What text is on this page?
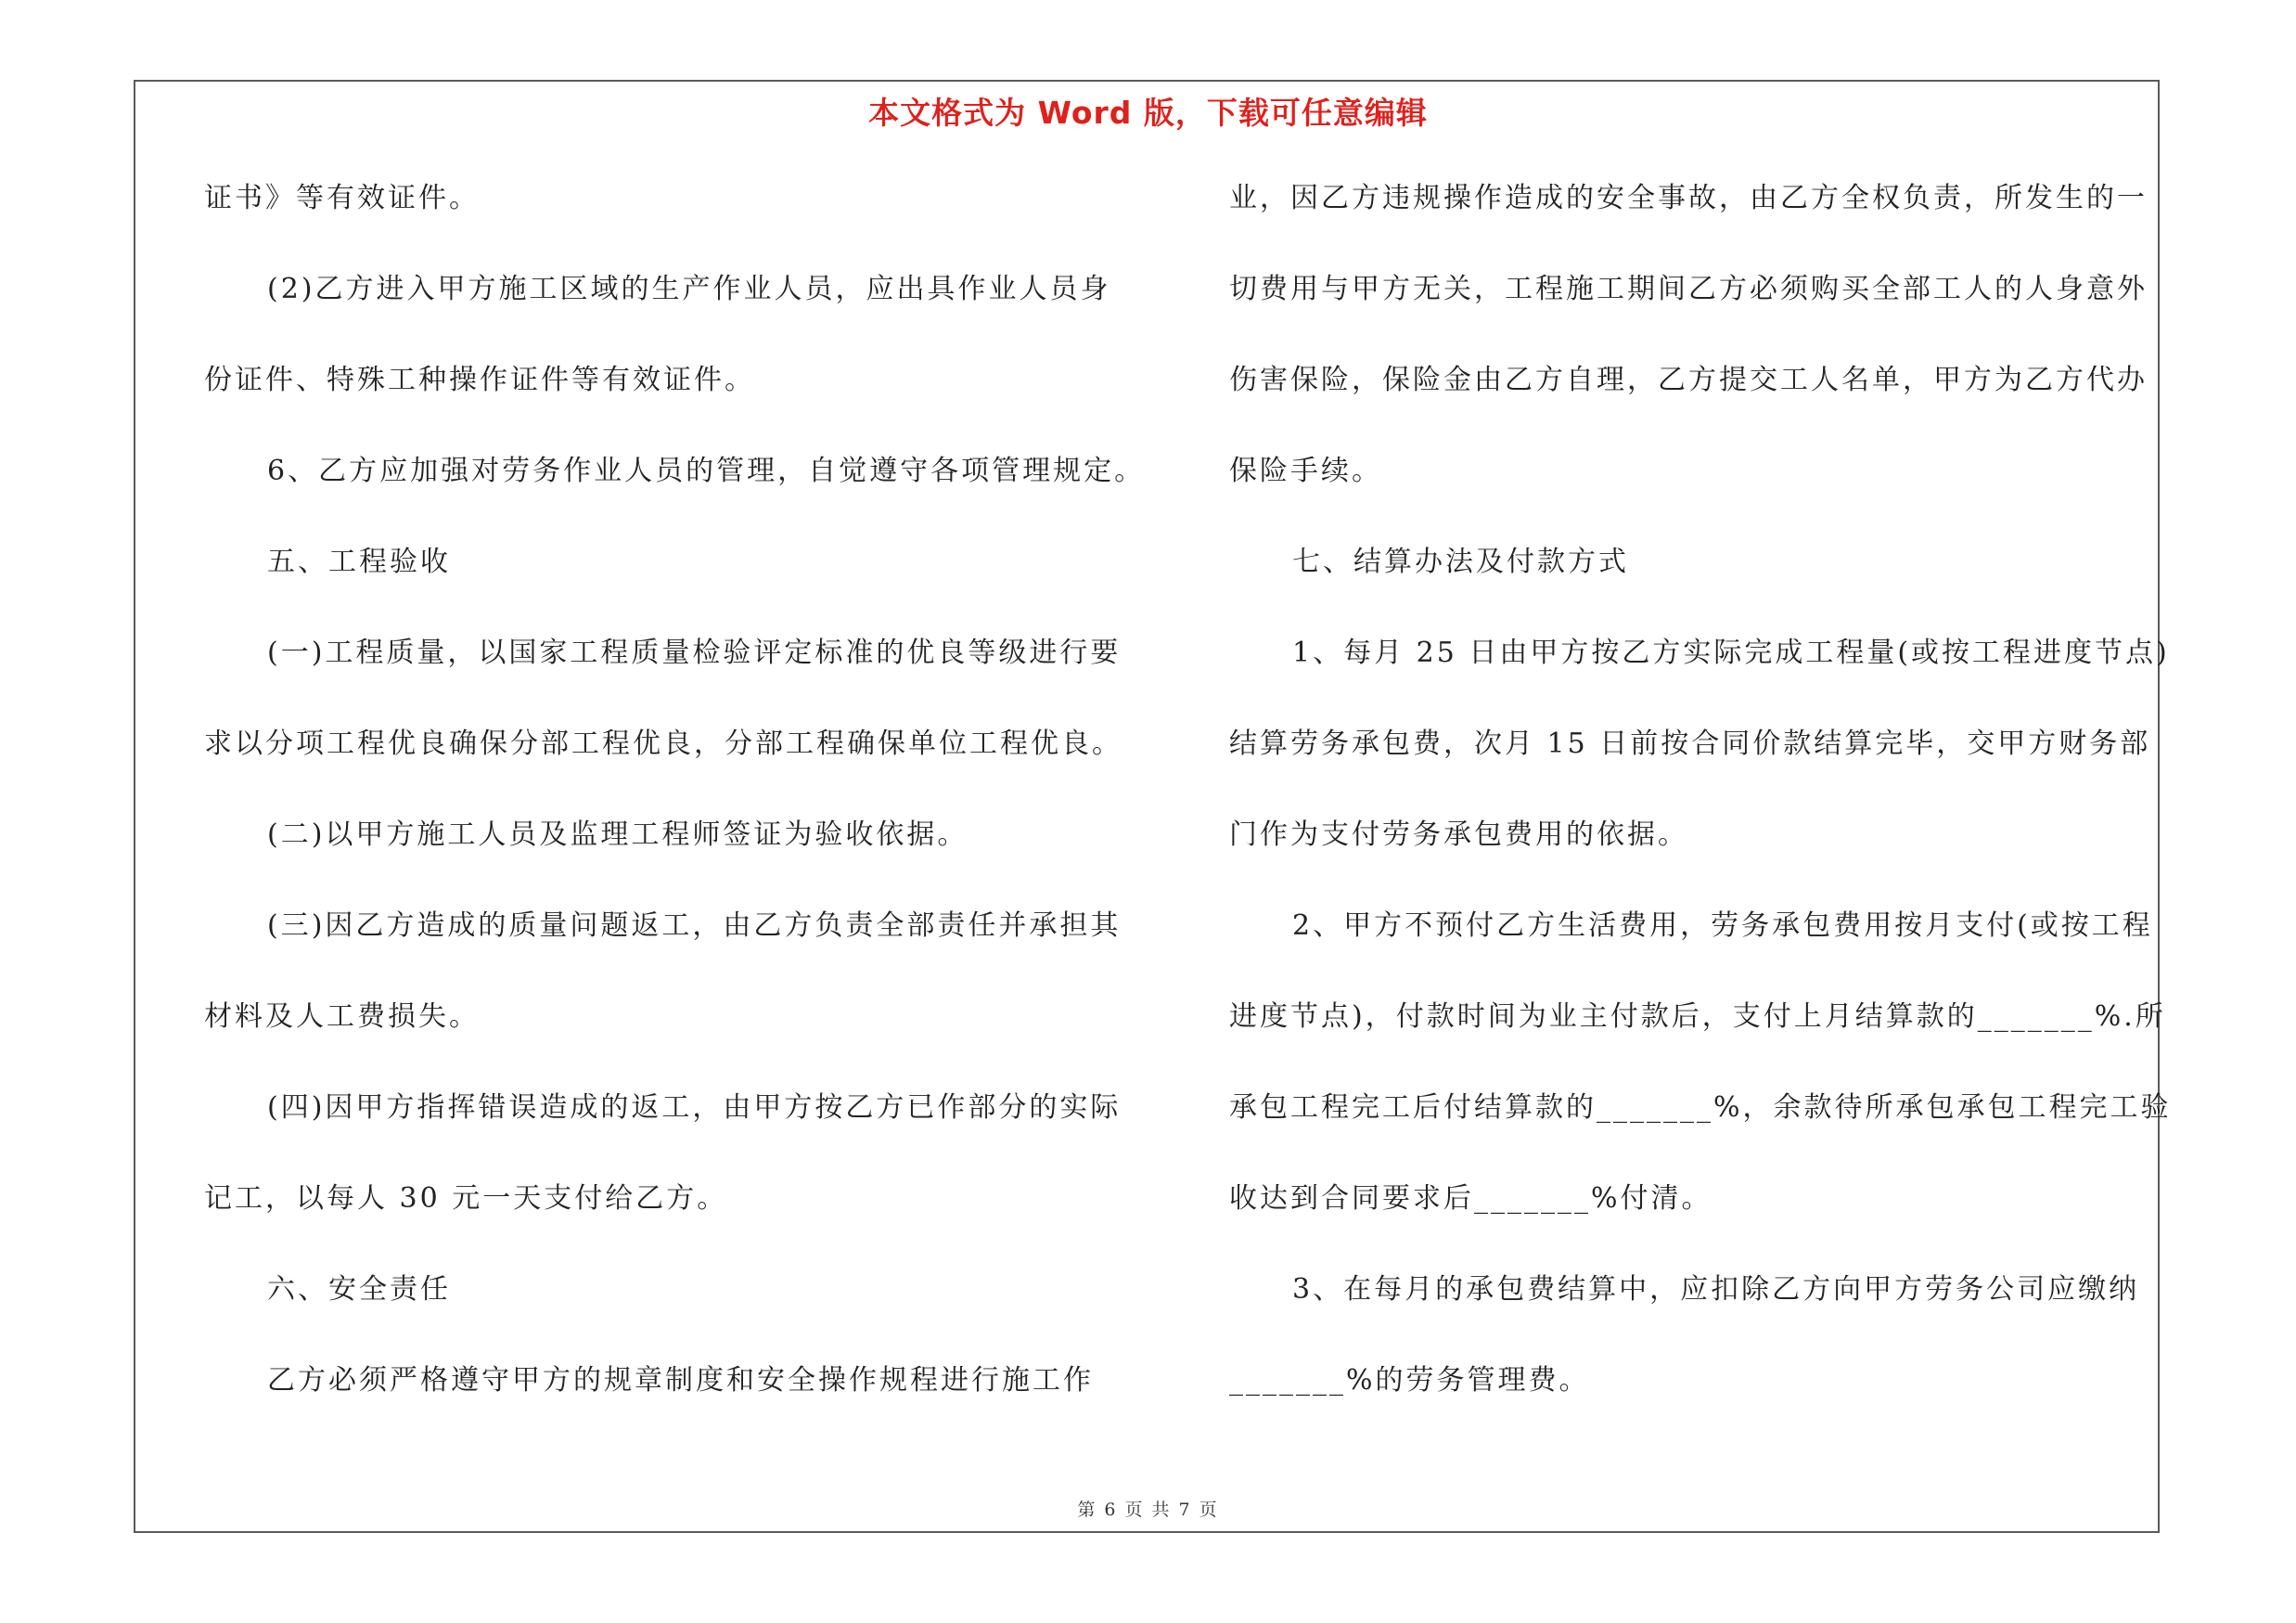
本文格式为 Word 版，下载可任意编辑
证书》等有效证件。
(2)乙方进入甲方施工区域的生产作业人员，应出具作业人员身
份证件、特殊工种操作证件等有效证件。
6、乙方应加强对劳务作业人员的管理，自觉遵守各项管理规定。
五、工程验收
(一)工程质量，以国家工程质量检验评定标准的优良等级进行要
求以分项工程优良确保分部工程优良，分部工程确保单位工程优良。
(二)以甲方施工人员及监理工程师签证为验收依据。
(三)因乙方造成的质量问题返工，由乙方负责全部责任并承担其
材料及人工费损失。
(四)因甲方指挥错误造成的返工，由甲方按乙方已作部分的实际
记工，以每人 30 元一天支付给乙方。
六、安全责任
乙方必须严格遵守甲方的规章制度和安全操作规程进行施工作
业，因乙方违规操作造成的安全事故，由乙方全权负责，所发生的一
切费用与甲方无关，工程施工期间乙方必须购买全部工人的人身意外
伤害保险，保险金由乙方自理，乙方提交工人名单，甲方为乙方代办
保险手续。
七、结算办法及付款方式
1、每月 25 日由甲方按乙方实际完成工程量(或按工程进度节点)
结算劳务承包费，次月 15 日前按合同价款结算完毕，交甲方财务部
门作为支付劳务承包费用的依据。
2、甲方不预付乙方生活费用，劳务承包费用按月支付(或按工程
进度节点)，付款时间为业主付款后，支付上月结算款的_______%.所
承包工程完工后付结算款的_______%，余款待所承包承包工程完工验
收达到合同要求后_______%付清。
3、在每月的承包费结算中，应扣除乙方向甲方劳务公司应缴纳
_______%的劳务管理费。
第 6 页 共 7 页
